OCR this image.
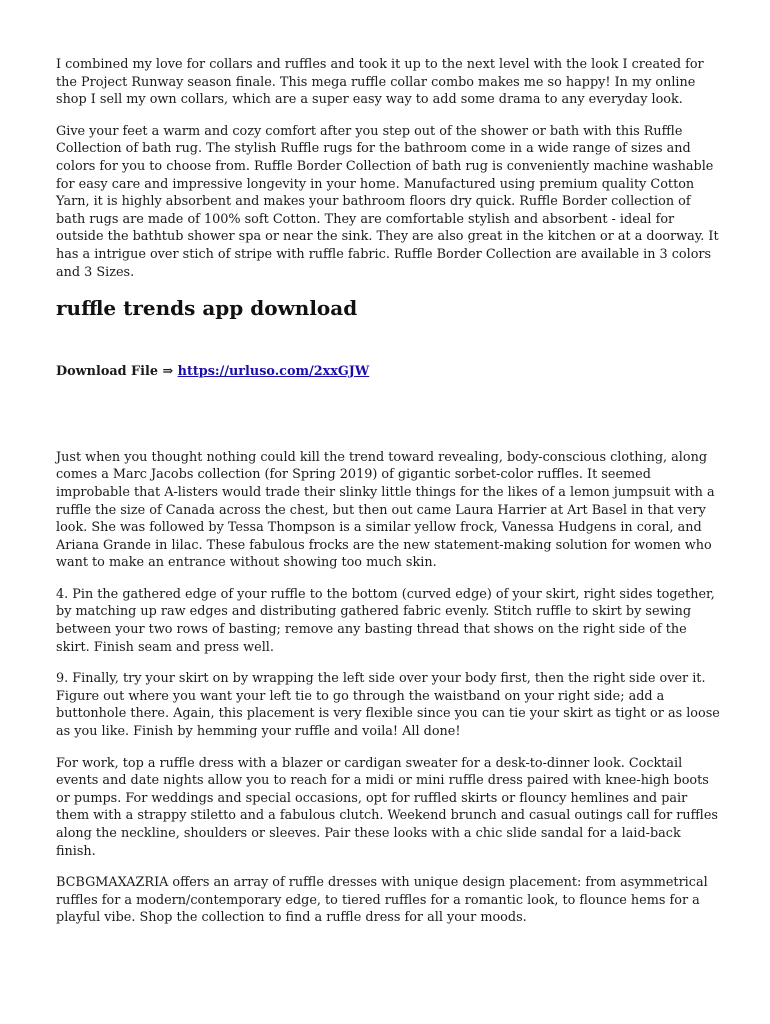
I combined my love for collars and ruffles and took it up to the next level with the look I created for the Project Runway season finale. This mega ruffle collar combo makes me so happy! In my online shop I sell my own collars, which are a super easy way to add some drama to any everyday look.

Give your feet a warm and cozy comfort after you step out of the shower or bath with this Ruffle Collection of bath rug. The stylish Ruffle rugs for the bathroom come in a wide range of sizes and colors for you to choose from. Ruffle Border Collection of bath rug is conveniently machine washable for easy care and impressive longevity in your home. Manufactured using premium quality Cotton Yarn, it is highly absorbent and makes your bathroom floors dry quick. Ruffle Border collection of bath rugs are made of 100% soft Cotton. They are comfortable stylish and absorbent - ideal for outside the bathtub shower spa or near the sink. They are also great in the kitchen or at a doorway. It has a intrigue over stich of stripe with ruffle fabric. Ruffle Border Collection are available in 3 colors and 3 Sizes.

ruffle trends app download
Download File ⇒ https://urluso.com/2xxGJW

Just when you thought nothing could kill the trend toward revealing, body-conscious clothing, along comes a Marc Jacobs collection (for Spring 2019) of gigantic sorbet-color ruffles. It seemed improbable that A-listers would trade their slinky little things for the likes of a lemon jumpsuit with a ruffle the size of Canada across the chest, but then out came Laura Harrier at Art Basel in that very look. She was followed by Tessa Thompson is a similar yellow frock, Vanessa Hudgens in coral, and Ariana Grande in lilac. These fabulous frocks are the new statement-making solution for women who want to make an entrance without showing too much skin.

4. Pin the gathered edge of your ruffle to the bottom (curved edge) of your skirt, right sides together, by matching up raw edges and distributing gathered fabric evenly. Stitch ruffle to skirt by sewing between your two rows of basting; remove any basting thread that shows on the right side of the skirt. Finish seam and press well.

9. Finally, try your skirt on by wrapping the left side over your body first, then the right side over it. Figure out where you want your left tie to go through the waistband on your right side; add a buttonhole there. Again, this placement is very flexible since you can tie your skirt as tight or as loose as you like. Finish by hemming your ruffle and voila! All done!

For work, top a ruffle dress with a blazer or cardigan sweater for a desk-to-dinner look. Cocktail events and date nights allow you to reach for a midi or mini ruffle dress paired with knee-high boots or pumps. For weddings and special occasions, opt for ruffled skirts or flouncy hemlines and pair them with a strappy stiletto and a fabulous clutch. Weekend brunch and casual outings call for ruffles along the neckline, shoulders or sleeves. Pair these looks with a chic slide sandal for a laid-back finish.

BCBGMAXAZRIA offers an array of ruffle dresses with unique design placement: from asymmetrical ruffles for a modern/contemporary edge, to tiered ruffles for a romantic look, to flounce hems for a playful vibe. Shop the collection to find a ruffle dress for all your moods.
